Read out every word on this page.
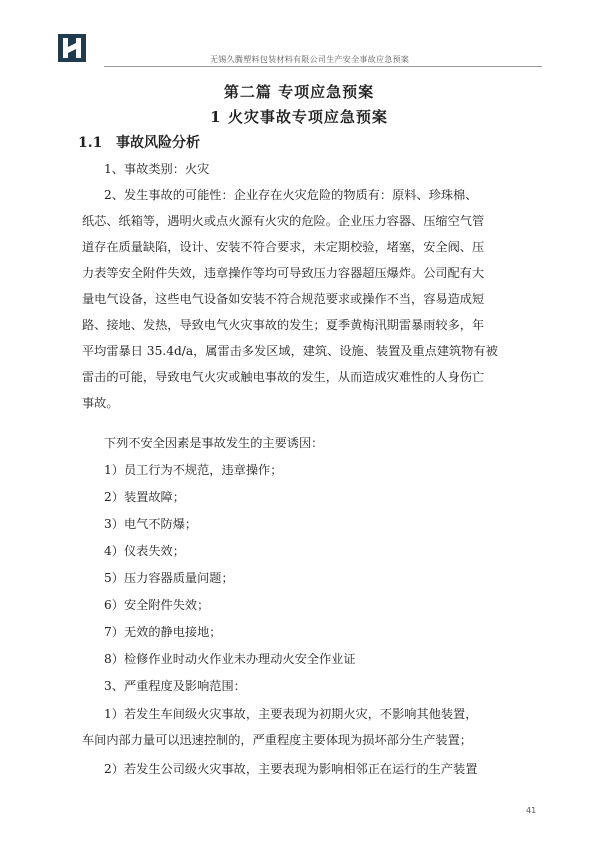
无锡久腾塑料包装材料有限公司生产安全事故应急预案
第二篇 专项应急预案
1 火灾事故专项应急预案
1.1 事故风险分析
1、事故类别：火灾
2、发生事故的可能性：企业存在火灾危险的物质有：原料、珍珠棉、
纸芯、纸箱等，遇明火或点火源有火灾的危险。企业压力容器、压缩空气管
道存在质量缺陷，设计、安装不符合要求，未定期校验，堵塞，安全阀、压
力表等安全附件失效，违章操作等均可导致压力容器超压爆炸。公司配有大
量电气设备，这些电气设备如安装不符合规范要求或操作不当，容易造成短
路、接地、发热，导致电气火灾事故的发生；夏季黄梅汛期雷暴雨较多，年
平均雷暴日 35.4d/a，属雷击多发区域，建筑、设施、装置及重点建筑物有被
雷击的可能，导致电气火灾或触电事故的发生，从而造成灾难性的人身伤亡
事故。
下列不安全因素是事故发生的主要诱因：
1）员工行为不规范，违章操作；
2）装置故障；
3）电气不防爆；
4）仪表失效；
5）压力容器质量问题；
6）安全附件失效；
7）无效的静电接地；
8）检修作业时动火作业未办理动火安全作业证
3、严重程度及影响范围：
1）若发生车间级火灾事故，主要表现为初期火灾，不影响其他装置，
车间内部力量可以迅速控制的，严重程度主要体现为损坏部分生产装置；
2）若发生公司级火灾事故，主要表现为影响相邻正在运行的生产装置
41
